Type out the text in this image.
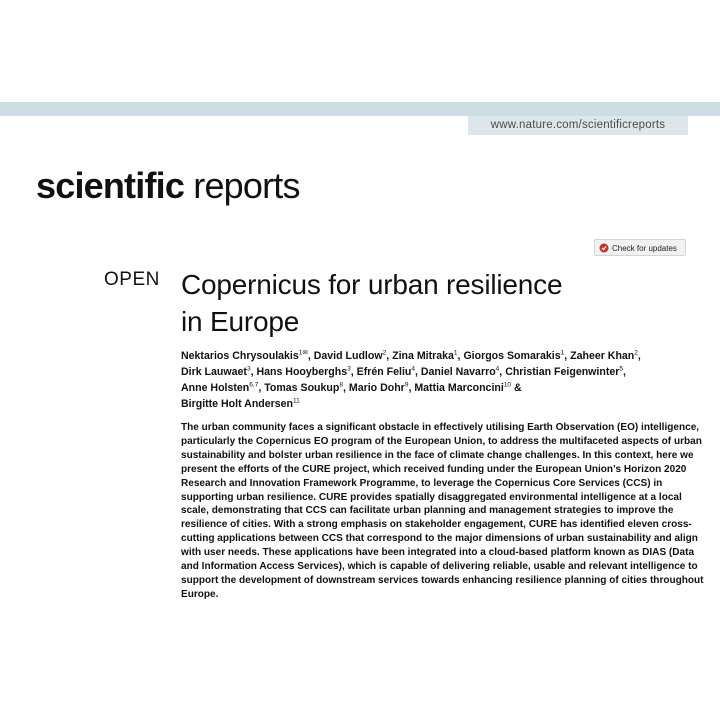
www.nature.com/scientificreports
scientific reports
Check for updates
OPEN Copernicus for urban resilience
in Europe
Nektarios Chrysoulakis$^{1✉}$, David Ludlow$^2$, Zina Mitraka$^1$, Giorgos Somarakis$^1$, Zaheer Khan$^2$,
Dirk Lauwaet$^3$, Hans Hooyberghs$^3$, Efrén Feliu$^4$, Daniel Navarro$^4$, Christian Feigenwinter$^5$,
Anne Holsten$^{6,7}$, Tomas Soukup$^8$, Mario Dohr$^9$, Mattia Marconcini$^{10}$ &
Birgitte Holt Andersen$^{11}$
The urban community faces a significant obstacle in effectively utilising Earth Observation (EO) intelligence, particularly the Copernicus EO program of the European Union, to address the multifaceted aspects of urban sustainability and bolster urban resilience in the face of climate change challenges. In this context, here we present the efforts of the CURE project, which received funding under the European Union’s Horizon 2020 Research and Innovation Framework Programme, to leverage the Copernicus Core Services (CCS) in supporting urban resilience. CURE provides spatially disaggregated environmental intelligence at a local scale, demonstrating that CCS can facilitate urban planning and management strategies to improve the resilience of cities. With a strong emphasis on stakeholder engagement, CURE has identified eleven cross-cutting applications between CCS that correspond to the major dimensions of urban sustainability and align with user needs. These applications have been integrated into a cloud-based platform known as DIAS (Data and Information Access Services), which is capable of delivering reliable, usable and relevant intelligence to support the development of downstream services towards enhancing resilience planning of cities throughout Europe.
